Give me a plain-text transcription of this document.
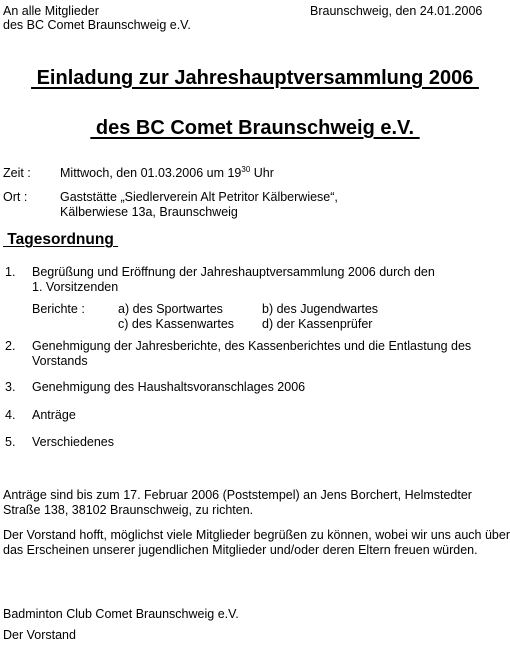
An alle Mitglieder
des BC Comet Braunschweig e.V.
Braunschweig, den 24.01.2006
Einladung zur Jahreshauptversammlung 2006
des BC Comet Braunschweig e.V.
Zeit : Mittwoch, den 01.03.2006 um $19^{30}$ Uhr
Ort :	Gaststätte „Siedlerverein Alt Petritor Kälberwiese“,
Kälberwiese 13a, Braunschweig
Tagesordnung
1. Begrüßung und Eröffnung der Jahreshauptversammlung 2006 durch den
1. Vorsitzenden
Berichte :	a) des Sportwartes	b) des Jugendwartes
c) des Kassenwartes d) der Kassenprüfer
2. Genehmigung der Jahresberichte, des Kassenberichtes und die Entlastung des
Vorstands
3. Genehmigung des Haushaltsvoranschlages 2006
4. Anträge
5. Verschiedenes
Anträge sind bis zum 17. Februar 2006 (Poststempel) an Jens Borchert, Helmstedter
Straße 138, 38102 Braunschweig, zu richten.
Der Vorstand hofft, möglichst viele Mitglieder begrüßen zu können, wobei wir uns auch über
das Erscheinen unserer jugendlichen Mitglieder und/oder deren Eltern freuen würden.
Badminton Club Comet Braunschweig e.V.
Der Vorstand
